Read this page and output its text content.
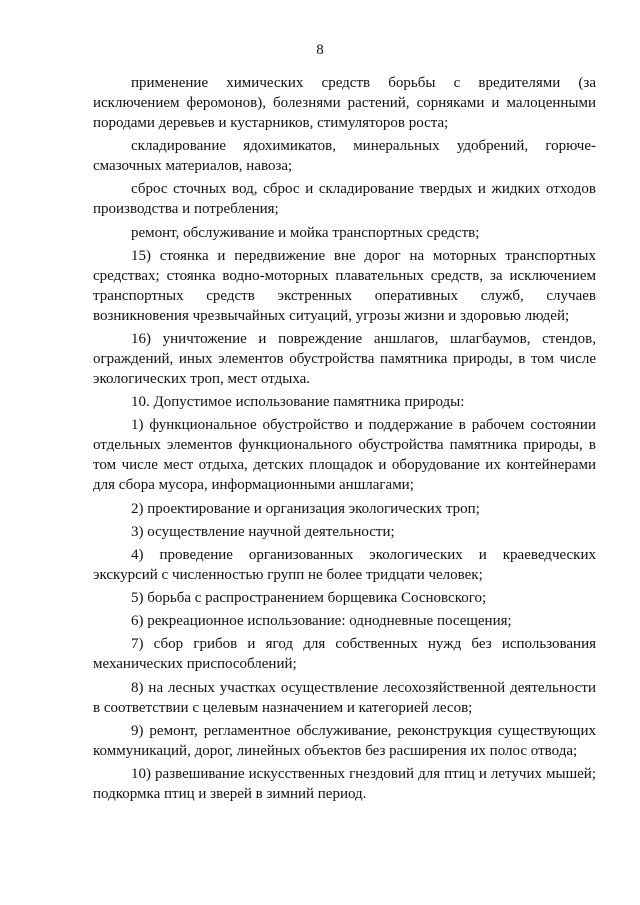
8

применение химических средств борьбы с вредителями (за исключением феромонов), болезнями растений, сорняками и малоценными породами деревьев и кустарников, стимуляторов роста;

складирование ядохимикатов, минеральных удобрений, горюче-смазочных материалов, навоза;

сброс сточных вод, сброс и складирование твердых и жидких отходов производства и потребления;

ремонт, обслуживание и мойка транспортных средств;

15) стоянка и передвижение вне дорог на моторных транспортных средствах; стоянка водно-моторных плавательных средств, за исключением транспортных средств экстренных оперативных служб, случаев возникновения чрезвычайных ситуаций, угрозы жизни и здоровью людей;

16) уничтожение и повреждение аншлагов, шлагбаумов, стендов, ограждений, иных элементов обустройства памятника природы, в том числе экологических троп, мест отдыха.

10. Допустимое использование памятника природы:

1) функциональное обустройство и поддержание в рабочем состоянии отдельных элементов функционального обустройства памятника природы, в том числе мест отдыха, детских площадок и оборудование их контейнерами для сбора мусора, информационными аншлагами;

2) проектирование и организация экологических троп;

3) осуществление научной деятельности;

4) проведение организованных экологических и краеведческих экскурсий с численностью групп не более тридцати человек;

5) борьба с распространением борщевика Сосновского;

6) рекреационное использование: однодневные посещения;

7) сбор грибов и ягод для собственных нужд без использования механических приспособлений;

8) на лесных участках осуществление лесохозяйственной деятельности в соответствии с целевым назначением и категорией лесов;

9) ремонт, регламентное обслуживание, реконструкция существующих коммуникаций, дорог, линейных объектов без расширения их полос отвода;

10) развешивание искусственных гнездовий для птиц и летучих мышей; подкормка птиц и зверей в зимний период.
